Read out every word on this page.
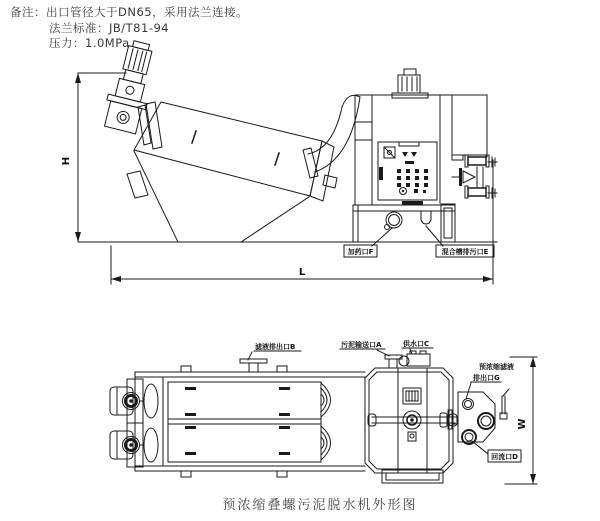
备注：出口管径大于DN65，采用法兰连接。
法兰标准：JB/T81-94
压力：1.0MPa
H
L
加药口F	混合槽排污口E
W
滤液排出口B	污泥输送口A	供水口C
预浓缩滤液
排出口G
回流口D
预浓缩叠螺污泥脱水机外形图
